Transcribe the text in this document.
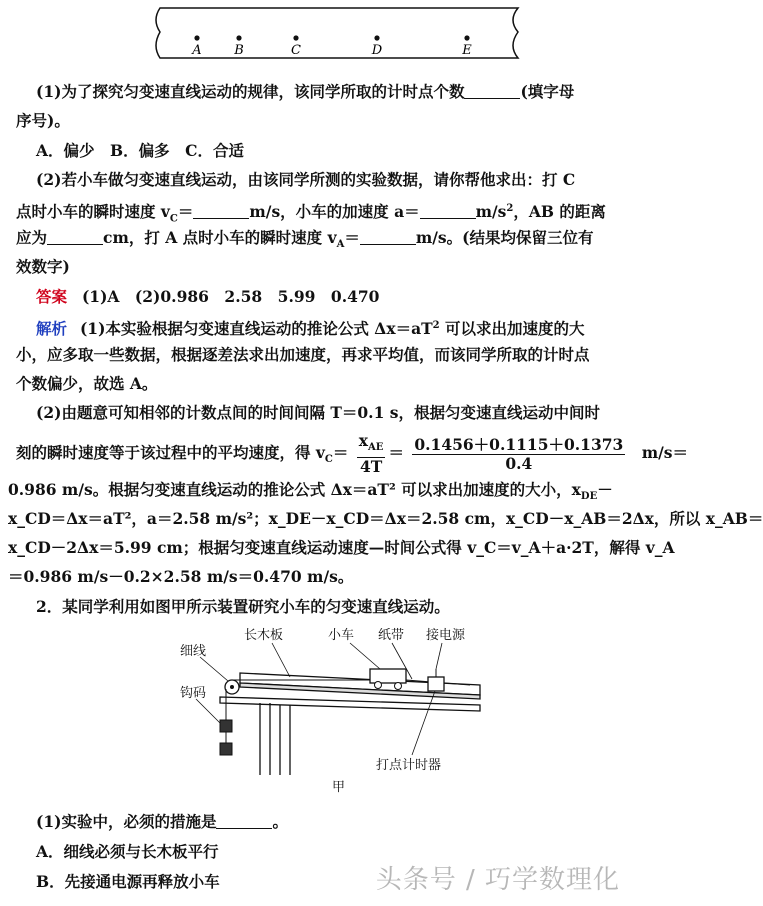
A	B	C	D	E
(1)为了探究匀变速直线运动的规律，该同学所取的计时点个数	(填字母
序号)。
A．偏少　B．偏多　C．合适
(2)若小车做匀变速直线运动，由该同学所测的实验数据，请你帮他求出：打 C
点时小车的瞬时速度 $v_C=$	m/s，小车的加速度 a＝	$m/s^2$，AB 的距离
应为	cm，打 A 点时小车的瞬时速度 $v_A=$	m/s。(结果均保留三位有
效数字)
答案 (1)A　(2)0.986　2.58　5.99　0.470
解析 (1)本实验根据匀变速直线运动的推论公式 $\Delta x=aT^2$ 可以求出加速度的大
小，应多取一些数据，根据逐差法求出加速度，再求平均值，而该同学所取的计时点
个数偏少，故选 A。
(2)由题意可知相邻的计数点间的时间间隔 T＝0.1 s，根据匀变速直线运动中间时
刻的瞬时速度等于该过程中的平均速度，得 $v_C= \frac{x_{AE}}{4T} = \frac{0.1456+0.1115+0.1373}{0.4} m/s=$
0.986 m/s。根据匀变速直线运动的推论公式 Δx＝aT² 可以求出加速度的大小，$x_{DE}-$
x_CD＝Δx＝aT²，a＝2.58 m/s²；x_DE－x_CD＝Δx＝2.58 cm，x_CD－x_AB＝2Δx，所以 x_AB＝
x_CD－2Δx＝5.99 cm；根据匀变速直线运动速度—时间公式得 v_C＝v_A＋a·2T，解得 v_A
＝0.986 m/s－0.2×2.58 m/s＝0.470 m/s。
2．某同学利用如图甲所示装置研究小车的匀变速直线运动。
细线
长木板	小车 纸带 接电源
钩码
打点计时器
甲
(1)实验中，必须的措施是	。
A．细线必须与长木板平行
B．先接通电源再释放小车	头条号 / 巧学数理化
